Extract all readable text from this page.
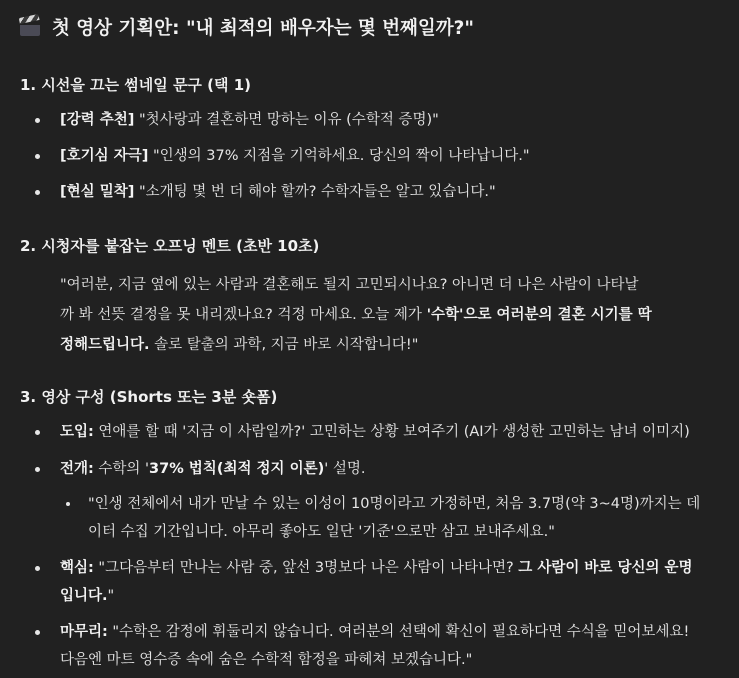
첫 영상 기획안: "내 최적의 배우자는 몇 번째일까?"
1. 시선을 끄는 썸네일 문구 (택 1)
[강력 추천] "첫사랑과 결혼하면 망하는 이유 (수학적 증명)"
[호기심 자극] "인생의 37% 지점을 기억하세요. 당신의 짝이 나타납니다."
[현실 밀착] "소개팅 몇 번 더 해야 할까? 수학자들은 알고 있습니다."
2. 시청자를 붙잡는 오프닝 멘트 (초반 10초)
"여러분, 지금 옆에 있는 사람과 결혼해도 될지 고민되시나요? 아니면 더 나은 사람이 나타날
까 봐 선뜻 결정을 못 내리겠나요? 걱정 마세요. 오늘 제가 '수학'으로 여러분의 결혼 시기를 딱
정해드립니다. 솔로 탈출의 과학, 지금 바로 시작합니다!"
3. 영상 구성 (Shorts 또는 3분 숏폼)
도입: 연애를 할 때 '지금 이 사람일까?' 고민하는 상황 보여주기 (AI가 생성한 고민하는 남녀 이미지)
전개: 수학의 '37% 법칙(최적 정지 이론)' 설명.
"인생 전체에서 내가 만날 수 있는 이성이 10명이라고 가정하면, 처음 3.7명(약 3~4명)까지는 데
이터 수집 기간입니다. 아무리 좋아도 일단 '기준'으로만 삼고 보내주세요."
핵심: "그다음부터 만나는 사람 중, 앞선 3명보다 나은 사람이 나타나면? 그 사람이 바로 당신의 운명
입니다."
마무리: "수학은 감정에 휘둘리지 않습니다. 여러분의 선택에 확신이 필요하다면 수식을 믿어보세요!
다음엔 마트 영수증 속에 숨은 수학적 함정을 파헤쳐 보겠습니다."
